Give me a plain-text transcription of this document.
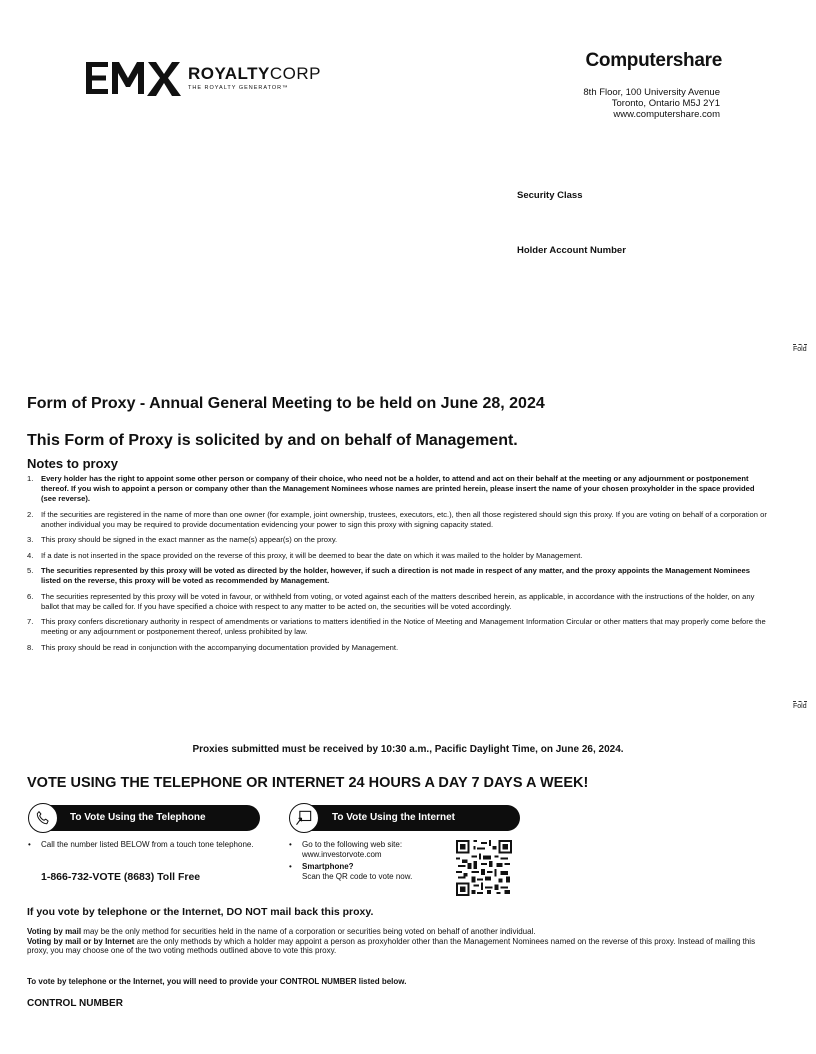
ROYALTYCORP
THE ROYALTY GENERATOR™
Computershare
8th Floor, 100 University Avenue
Toronto, Ontario M5J 2Y1
www.computershare.com
Security Class
Holder Account Number
Fold
Fold
Form of Proxy - Annual General Meeting to be held on June 28, 2024
This Form of Proxy is solicited by and on behalf of Management.
Notes to proxy
1. Every holder has the right to appoint some other person or company of their choice, who need not be a holder, to attend and act on their behalf at the meeting or any adjournment or postponement thereof. If you wish to appoint a person or company other than the Management Nominees whose names are printed herein, please insert the name of your chosen proxyholder in the space provided (see reverse).
2. If the securities are registered in the name of more than one owner (for example, joint ownership, trustees, executors, etc.), then all those registered should sign this proxy. If you are voting on behalf of a corporation or another individual you may be required to provide documentation evidencing your power to sign this proxy with signing capacity stated.
3. This proxy should be signed in the exact manner as the name(s) appear(s) on the proxy.
4. If a date is not inserted in the space provided on the reverse of this proxy, it will be deemed to bear the date on which it was mailed to the holder by Management.
5. The securities represented by this proxy will be voted as directed by the holder, however, if such a direction is not made in respect of any matter, and the proxy appoints the Management Nominees listed on the reverse, this proxy will be voted as recommended by Management.
6. The securities represented by this proxy will be voted in favour, or withheld from voting, or voted against each of the matters described herein, as applicable, in accordance with the instructions of the holder, on any ballot that may be called for. If you have specified a choice with respect to any matter to be acted on, the securities will be voted accordingly.
7. This proxy confers discretionary authority in respect of amendments or variations to matters identified in the Notice of Meeting and Management Information Circular or other matters that may properly come before the meeting or any adjournment or postponement thereof, unless prohibited by law.
8. This proxy should be read in conjunction with the accompanying documentation provided by Management.
Proxies submitted must be received by 10:30 a.m., Pacific Daylight Time, on June 26, 2024.
VOTE USING THE TELEPHONE OR INTERNET 24 HOURS A DAY 7 DAYS A WEEK!
To Vote Using the Telephone
• Call the number listed BELOW from a touch tone telephone.
1-866-732-VOTE (8683) Toll Free
To Vote Using the Internet
• Go to the following web site:
www.investorvote.com
• Smartphone?
Scan the QR code to vote now.
If you vote by telephone or the Internet, DO NOT mail back this proxy.

Voting by mail may be the only method for securities held in the name of a corporation or securities being voted on behalf of another individual.

Voting by mail or by Internet are the only methods by which a holder may appoint a person as proxyholder other than the Management Nominees named on the reverse of this proxy. Instead of mailing this proxy, you may choose one of the two voting methods outlined above to vote this proxy.

To vote by telephone or the Internet, you will need to provide your CONTROL NUMBER listed below.
CONTROL NUMBER
